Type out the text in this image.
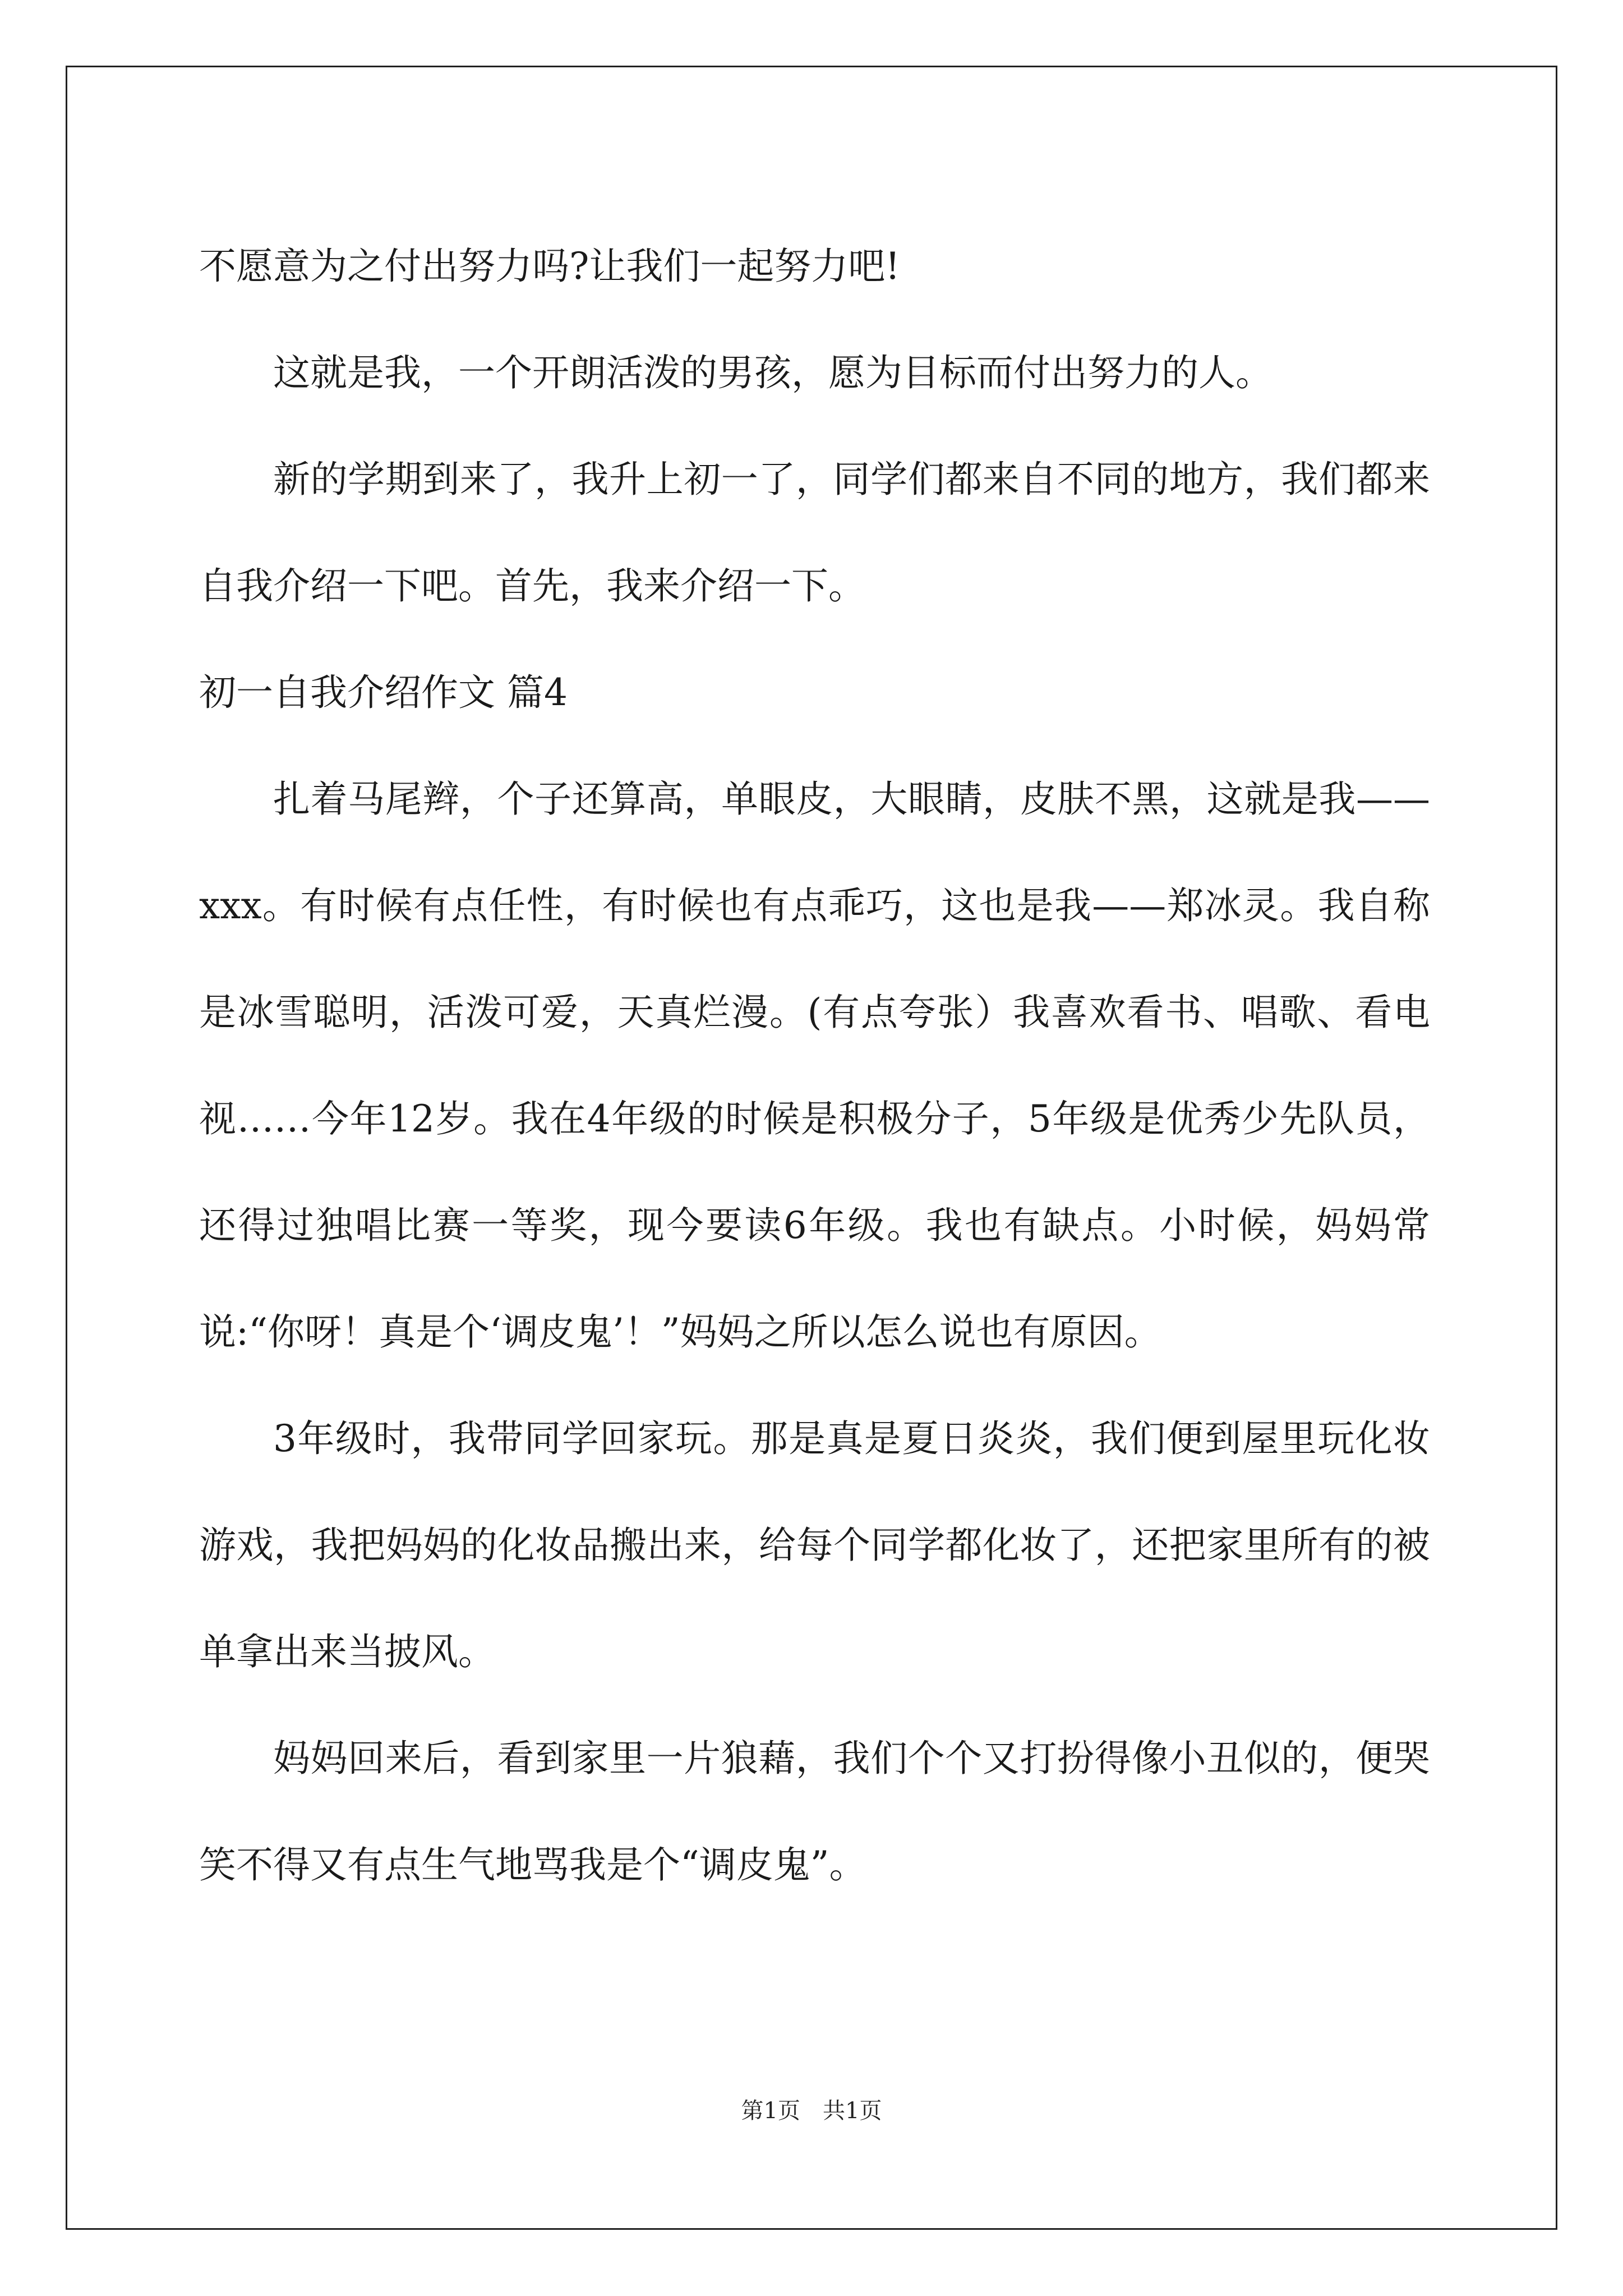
不愿意为之付出努力吗?让我们一起努力吧!

这就是我，一个开朗活泼的男孩，愿为目标而付出努力的人。

新的学期到来了，我升上初一了，同学们都来自不同的地方，我们都来自我介绍一下吧。首先，我来介绍一下。

初一自我介绍作文 篇4

扎着马尾辫，个子还算高，单眼皮，大眼睛，皮肤不黑，这就是我——xxx。有时候有点任性，有时候也有点乖巧，这也是我——郑冰灵。我自称是冰雪聪明，活泼可爱，天真烂漫。(有点夸张）我喜欢看书、唱歌、看电视……今年12岁。我在4年级的时候是积极分子，5年级是优秀少先队员，还得过独唱比赛一等奖，现今要读6年级。我也有缺点。小时候，妈妈常说:“你呀！真是个‘调皮鬼’！”妈妈之所以怎么说也有原因。

3年级时，我带同学回家玩。那是真是夏日炎炎，我们便到屋里玩化妆游戏，我把妈妈的化妆品搬出来，给每个同学都化妆了，还把家里所有的被单拿出来当披风。

妈妈回来后，看到家里一片狼藉，我们个个又打扮得像小丑似的，便哭笑不得又有点生气地骂我是个“调皮鬼”。

第1页　共1页
